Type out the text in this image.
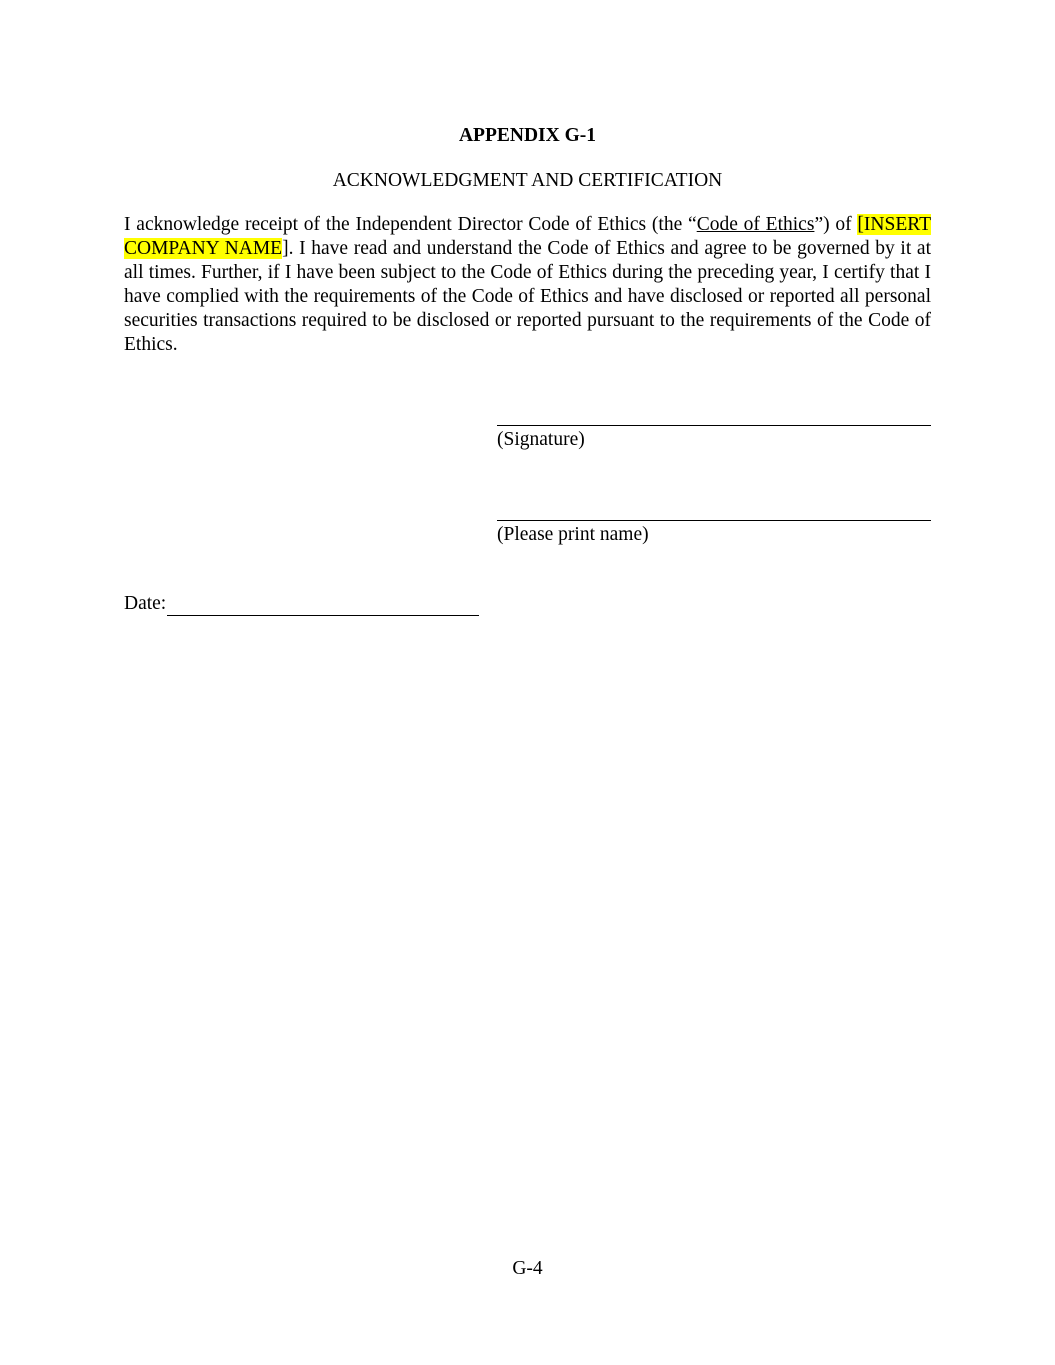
APPENDIX G-1
ACKNOWLEDGMENT AND CERTIFICATION

I acknowledge receipt of the Independent Director Code of Ethics (the “Code of Ethics”) of [INSERT COMPANY NAME]. I have read and understand the Code of Ethics and agree to be governed by it at all times. Further, if I have been subject to the Code of Ethics during the preceding year, I certify that I have complied with the requirements of the Code of Ethics and have disclosed or reported all personal securities transactions required to be disclosed or reported pursuant to the requirements of the Code of Ethics.

(Signature)
(Please print name)
Date:
G-4
